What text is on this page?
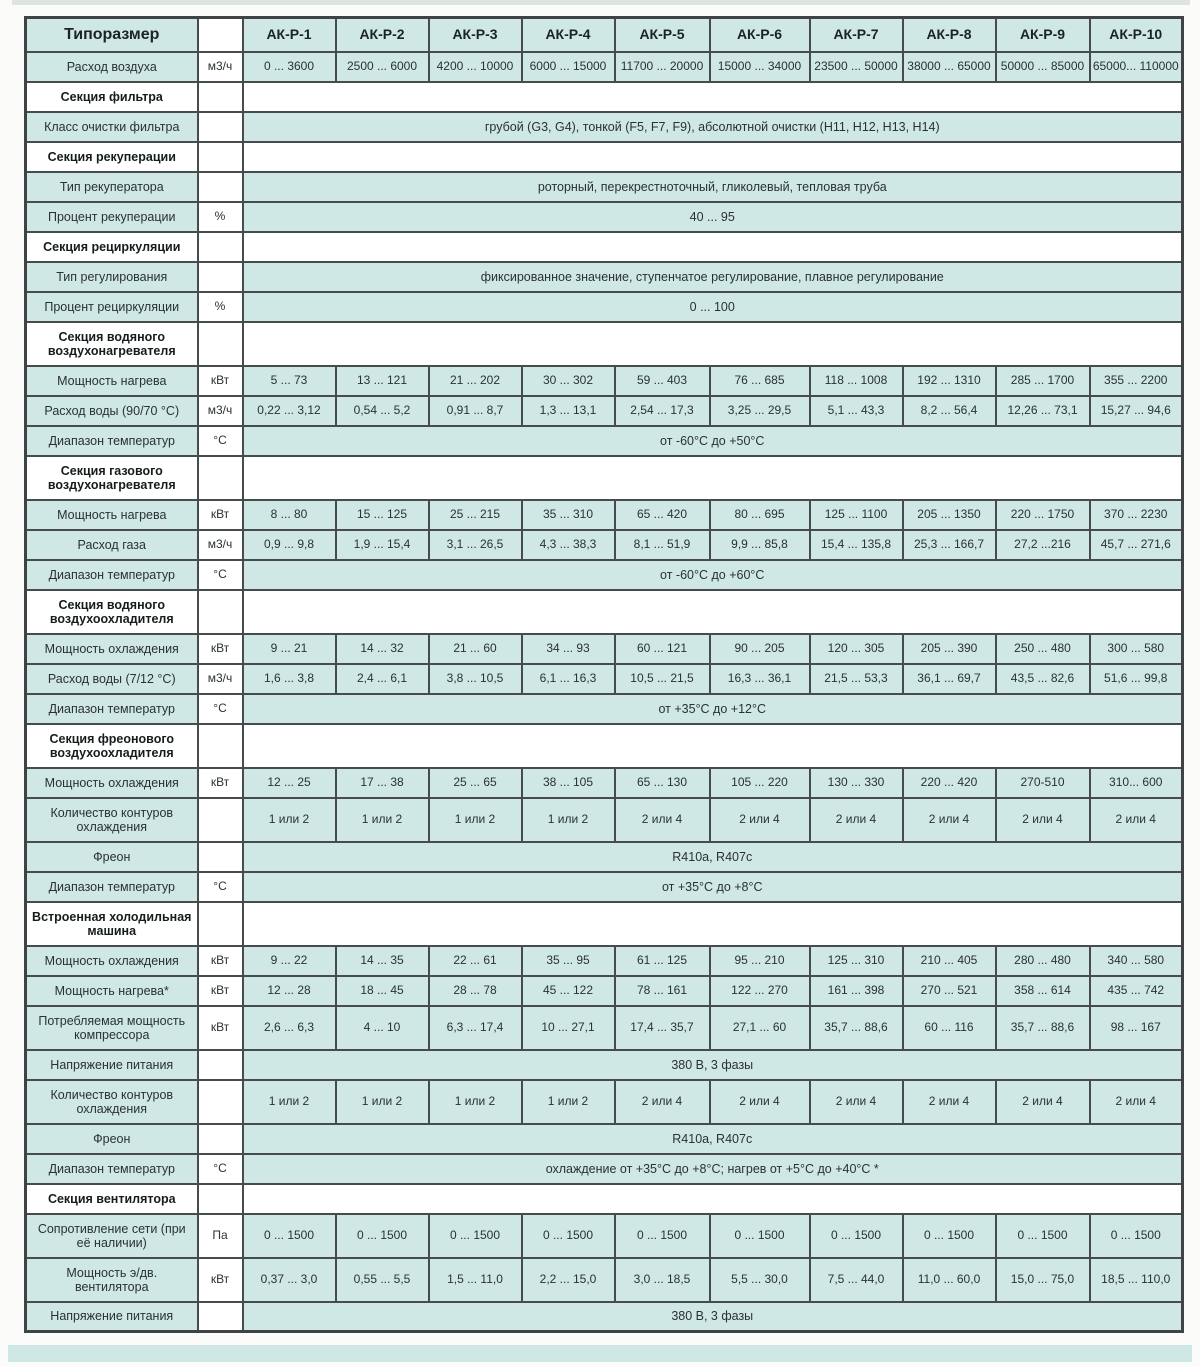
Типоразмер		АК-Р-1	АК-Р-2	АК-Р-3	АК-Р-4	АК-Р-5	АК-Р-6	АК-Р-7	АК-Р-8	АК-Р-9	АК-Р-10
Расход воздуха	м3/ч	0 ... 3600	2500 ... 6000	4200 ... 10000	6000 ... 15000	11700 ... 20000	15000 ... 34000	23500 ... 50000	38000 ... 65000	50000 ... 85000	65000... 110000
Секция фильтра											
Класс очистки фильтра		грубой (G3, G4), тонкой (F5, F7, F9), абсолютной очистки (H11, H12, H13, H14)									
Секция рекуперации											
Тип рекуператора		роторный, перекрестноточный, гликолевый, тепловая труба									
Процент рекуперации	%	40 ... 95									
Секция рециркуляции											
Тип регулирования		фиксированное значение, ступенчатое регулирование, плавное регулирование									
Процент рециркуляции	%	0 ... 100									
Секция водяного воздухонагревателя											
Мощность нагрева	кВт	5 ... 73	13 ... 121	21 ... 202	30 ... 302	59 ... 403	76 ... 685	118 ... 1008	192 ... 1310	285 ... 1700	355 ... 2200
Расход воды (90/70 °С)	м3/ч	0,22 ... 3,12	0,54 ... 5,2	0,91 ... 8,7	1,3 ... 13,1	2,54 ... 17,3	3,25 ... 29,5	5,1 ... 43,3	8,2 ... 56,4	12,26 ... 73,1	15,27 ... 94,6
Диапазон температур	°С	от -60°С до +50°С									
Секция газового воздухонагревателя											
Мощность нагрева	кВт	8 ... 80	15 ... 125	25 ... 215	35 ... 310	65 ... 420	80 ... 695	125 ... 1100	205 ... 1350	220 ... 1750	370 ... 2230
Расход газа	м3/ч	0,9 ... 9,8	1,9 ... 15,4	3,1 ... 26,5	4,3 ... 38,3	8,1 ... 51,9	9,9 ... 85,8	15,4 ... 135,8	25,3 ... 166,7	27,2 ...216	45,7 ... 271,6
Диапазон температур	°С	от -60°С до +60°С									
Секция водяного воздухоохладителя											
Мощность охлаждения	кВт	9 ... 21	14 ... 32	21 ... 60	34 ... 93	60 ... 121	90 ... 205	120 ... 305	205 ... 390	250 ... 480	300 ... 580
Расход воды (7/12 °С)	м3/ч	1,6 ... 3,8	2,4 ... 6,1	3,8 ... 10,5	6,1 ... 16,3	10,5 ... 21,5	16,3 ... 36,1	21,5 ... 53,3	36,1 ... 69,7	43,5 ... 82,6	51,6 ... 99,8
Диапазон температур	°С	от +35°С до +12°С									
Секция фреонового воздухоохладителя											
Мощность охлаждения	кВт	12 ... 25	17 ... 38	25 ... 65	38 ... 105	65 ... 130	105 ... 220	130 ... 330	220 ... 420	270-510	310... 600
Количество контуров охлаждения		1 или 2	1 или 2	1 или 2	1 или 2	2 или 4	2 или 4	2 или 4	2 или 4	2 или 4	2 или 4
Фреон		R410a, R407c									
Диапазон температур	°С	от +35°С до +8°С									
Встроенная холодильная машина											
Мощность охлаждения	кВт	9 ... 22	14 ... 35	22 ... 61	35 ... 95	61 ... 125	95 ... 210	125 ... 310	210 ... 405	280 ... 480	340 ... 580
Мощность нагрева*	кВт	12 ... 28	18 ... 45	28 ... 78	45 ... 122	78 ... 161	122 ... 270	161 ... 398	270 ... 521	358 ... 614	435 ... 742
Потребляемая мощность компрессора	кВт	2,6 ... 6,3	4 ... 10	6,3 ... 17,4	10 ... 27,1	17,4 ... 35,7	27,1 ... 60	35,7 ... 88,6	60 ... 116	35,7 ... 88,6	98 ... 167
Напряжение питания		380 В, 3 фазы									
Количество контуров охлаждения		1 или 2	1 или 2	1 или 2	1 или 2	2 или 4	2 или 4	2 или 4	2 или 4	2 или 4	2 или 4
Фреон		R410a, R407c									
Диапазон температур	°С	охлаждение от +35°С до +8°С; нагрев от +5°С до +40°С *									
Секция вентилятора											
Сопротивление сети (при её наличии)	Па	0 ... 1500	0 ... 1500	0 ... 1500	0 ... 1500	0 ... 1500	0 ... 1500	0 ... 1500	0 ... 1500	0 ... 1500	0 ... 1500
Мощность э/дв. вентилятора	кВт	0,37 ... 3,0	0,55 ... 5,5	1,5 ... 11,0	2,2 ... 15,0	3,0 ... 18,5	5,5 ... 30,0	7,5 ... 44,0	11,0 ... 60,0	15,0 ... 75,0	18,5 ... 110,0
Напряжение питания		380 В, 3 фазы									
